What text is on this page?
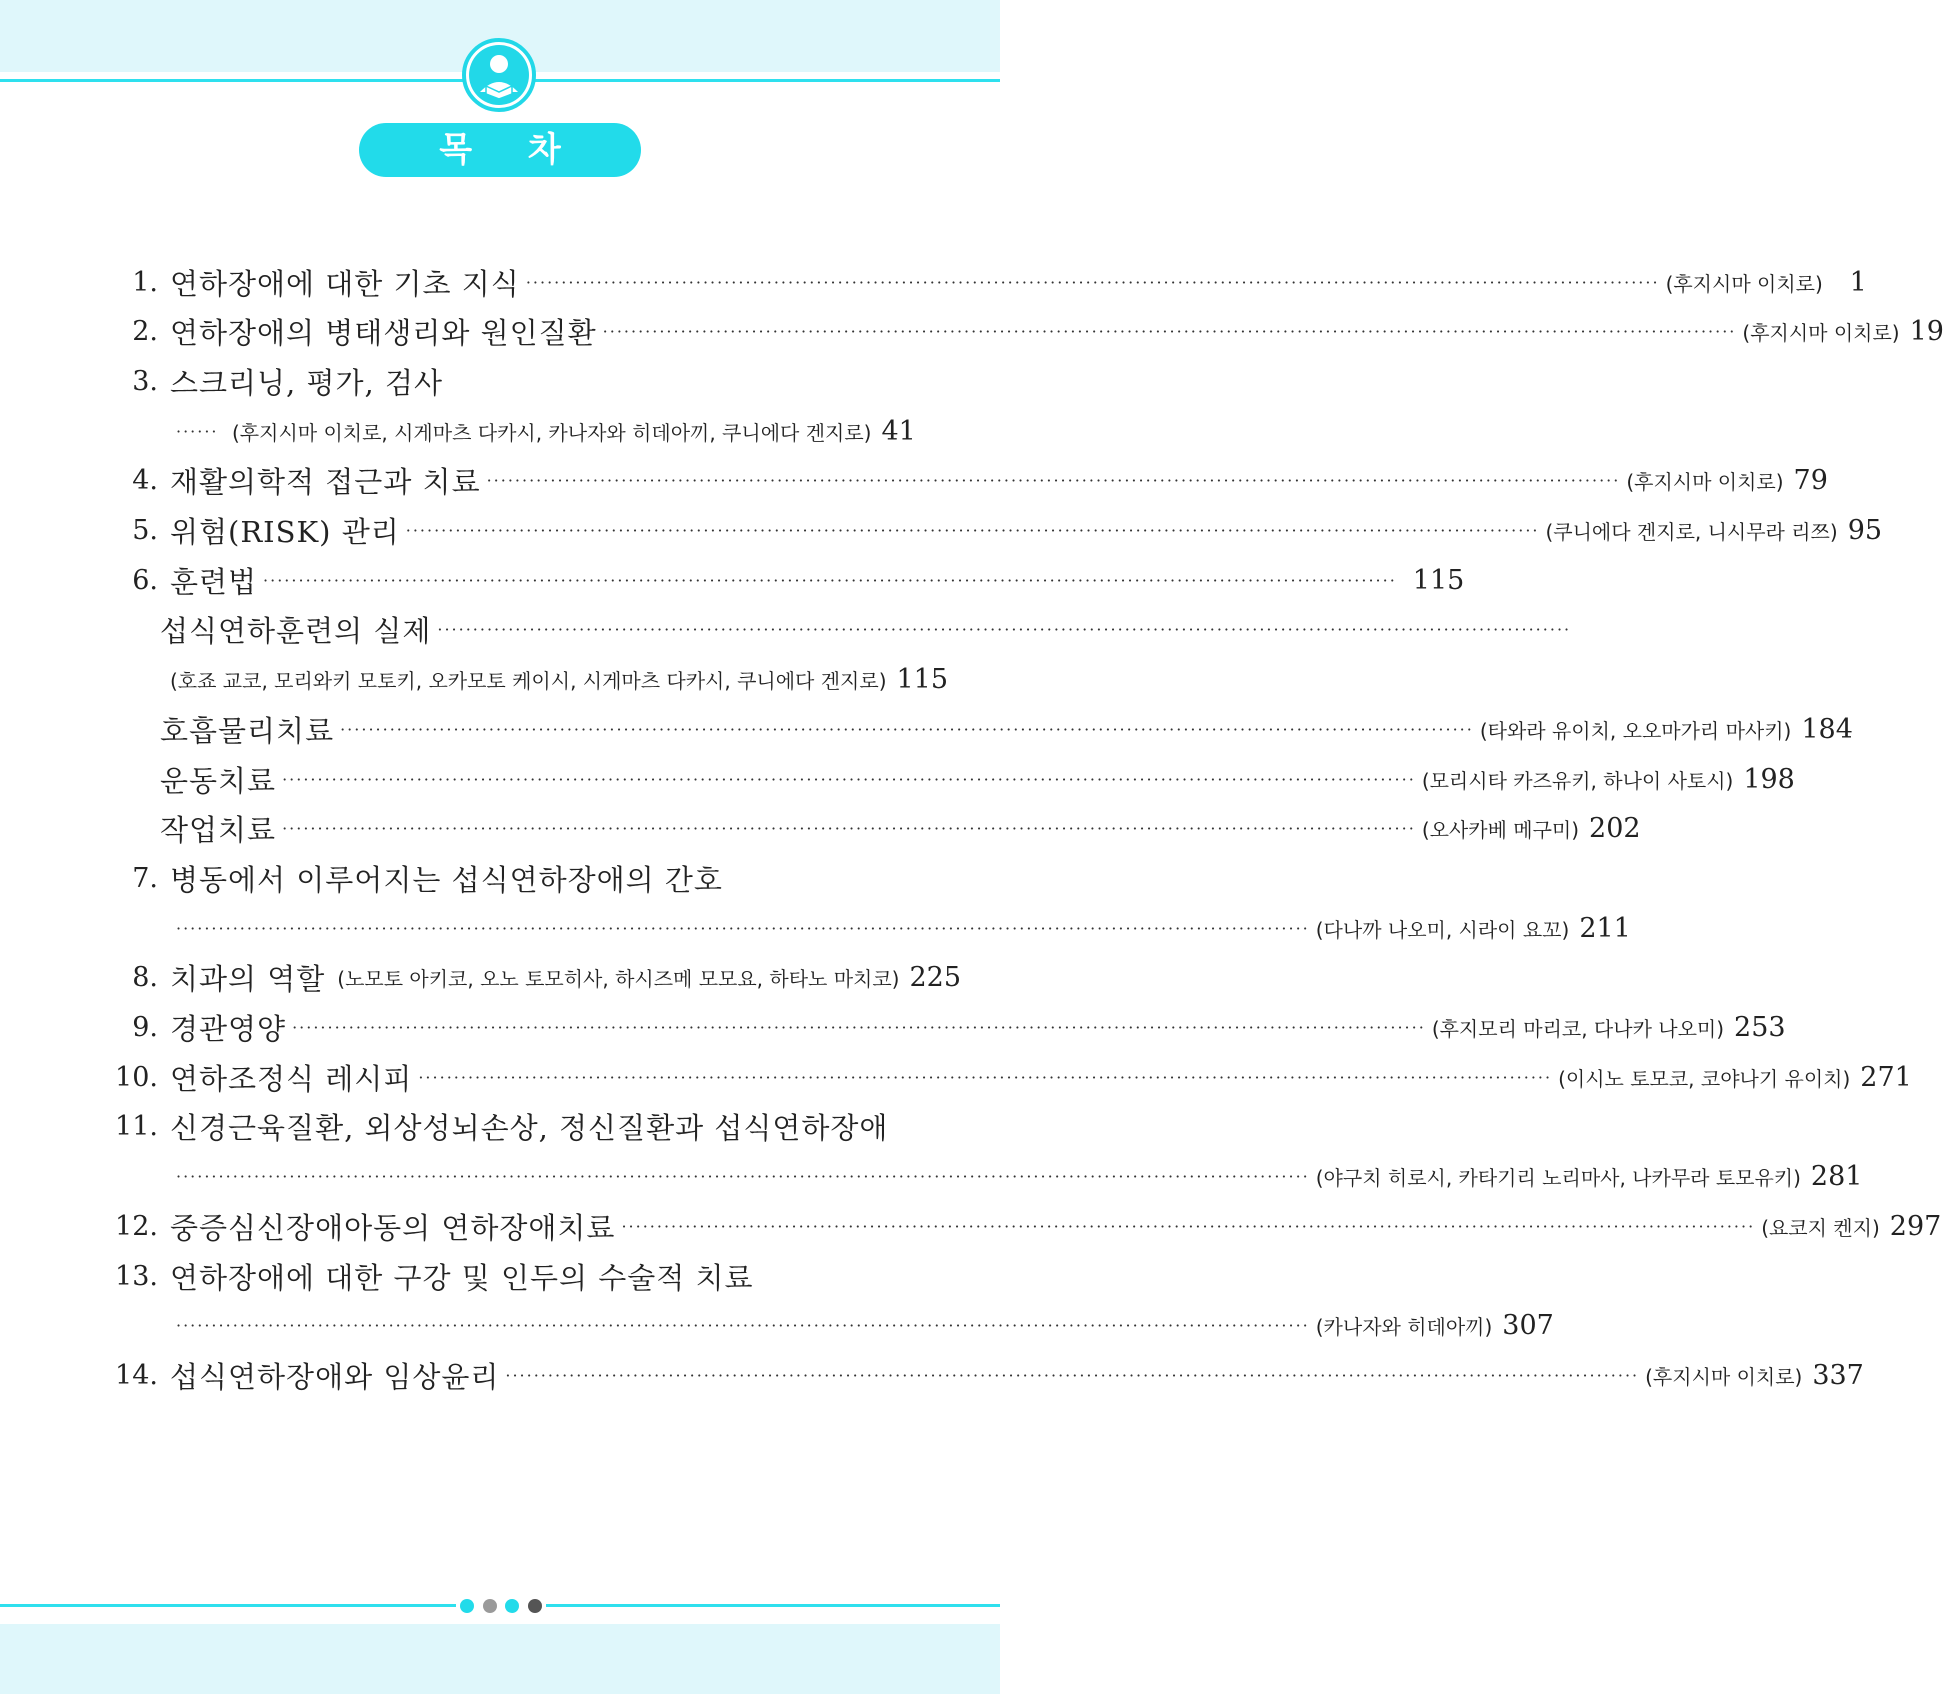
목 차
1. 연하장애에 대한 기초 지식 ································································································································································ (후지시마 이치로) 1
2. 연하장애의 병태생리와 원인질환 ································································································································································ (후지시마 이치로) 19
3. 스크리닝, 평가, 검사
······ (후지시마 이치로, 시게마츠 다카시, 카나자와 히데아끼, 쿠니에다 겐지로) 41
4. 재활의학적 접근과 치료 ································································································································································ (후지시마 이치로) 79
5. 위험(RISK) 관리 ································································································································································ (쿠니에다 겐지로, 니시무라 리쯔) 95
6. 훈련법 ································································································································································ 115
섭식연하훈련의 실제 ································································································································································
(호죠 교코, 모리와키 모토키, 오카모토 케이시, 시게마츠 다카시, 쿠니에다 겐지로) 115
호흡물리치료 ································································································································································ (타와라 유이치, 오오마가리 마사키) 184
운동치료 ································································································································································ (모리시타 카즈유키, 하나이 사토시) 198
작업치료 ································································································································································ (오사카베 메구미) 202
7. 병동에서 이루어지는 섭식연하장애의 간호
································································································································································ (다나까 나오미, 시라이 요꼬) 211
8. 치과의 역할 (노모토 아키코, 오노 토모히사, 하시즈메 모모요, 하타노 마치코) 225
9. 경관영양 ································································································································································ (후지모리 마리코, 다나카 나오미) 253
10. 연하조정식 레시피 ································································································································································ (이시노 토모코, 코야나기 유이치) 271
11. 신경근육질환, 외상성뇌손상, 정신질환과 섭식연하장애
································································································································································ (야구치 히로시, 카타기리 노리마사, 나카무라 토모유키) 281
12. 중증심신장애아동의 연하장애치료 ································································································································································ (요코지 켄지) 297
13. 연하장애에 대한 구강 및 인두의 수술적 치료
································································································································································ (카나자와 히데아끼) 307
14. 섭식연하장애와 임상윤리 ································································································································································ (후지시마 이치로) 337
